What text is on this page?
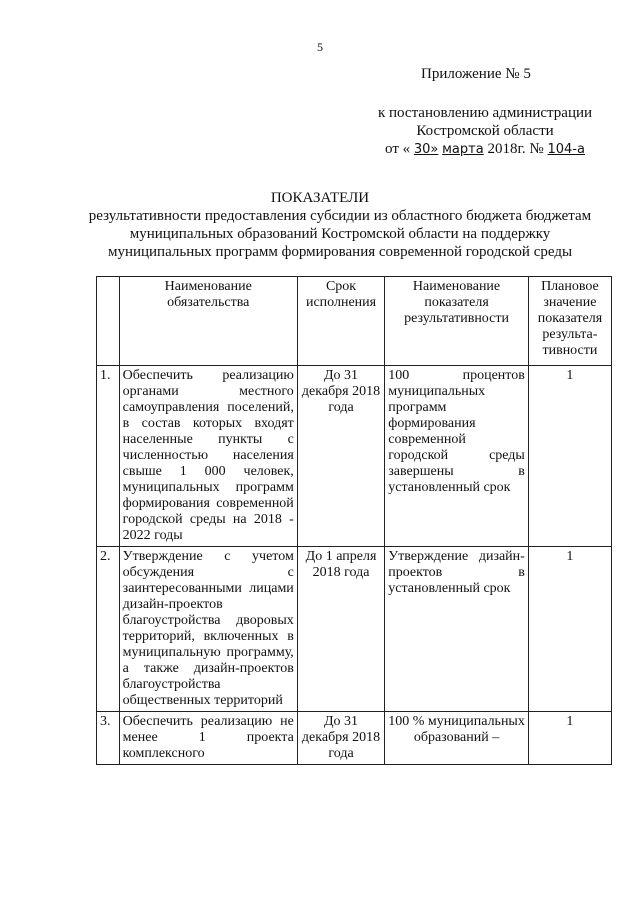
5
Приложение № 5
к постановлению администрации
Костромской области
от « 30» марта 2018г. № 104-а
ПОКАЗАТЕЛИ
результативности предоставления субсидии из областного бюджета бюджетам муниципальных образований Костромской области на поддержку муниципальных программ формирования современной городской среды
	Наименование обязательства	Срок исполнения	Наименование показателя результативности	Плановое значение показателя результа-тивности
1.	Обеспечить реализацию органами местного самоуправления поселений, в состав которых входят населенные пункты с численностью населения свыше 1 000 человек, муниципальных программ формирования современной городской среды на 2018 - 2022 годы	До 31 декабря 2018 года	100 процентов муниципальных программ формирования современной городской среды завершены в установленный срок	1
2.	Утверждение с учетом обсуждения с заинтересованными лицами дизайн-проектов благоустройства дворовых территорий, включенных в муниципальную программу, а также дизайн-проектов благоустройства общественных территорий	До 1 апреля 2018 года	Утверждение дизайн-проектов в установленный срок	1
3.	Обеспечить реализацию не менее 1 проекта комплексного	До 31 декабря 2018 года	100 % муниципальных образований –	1
